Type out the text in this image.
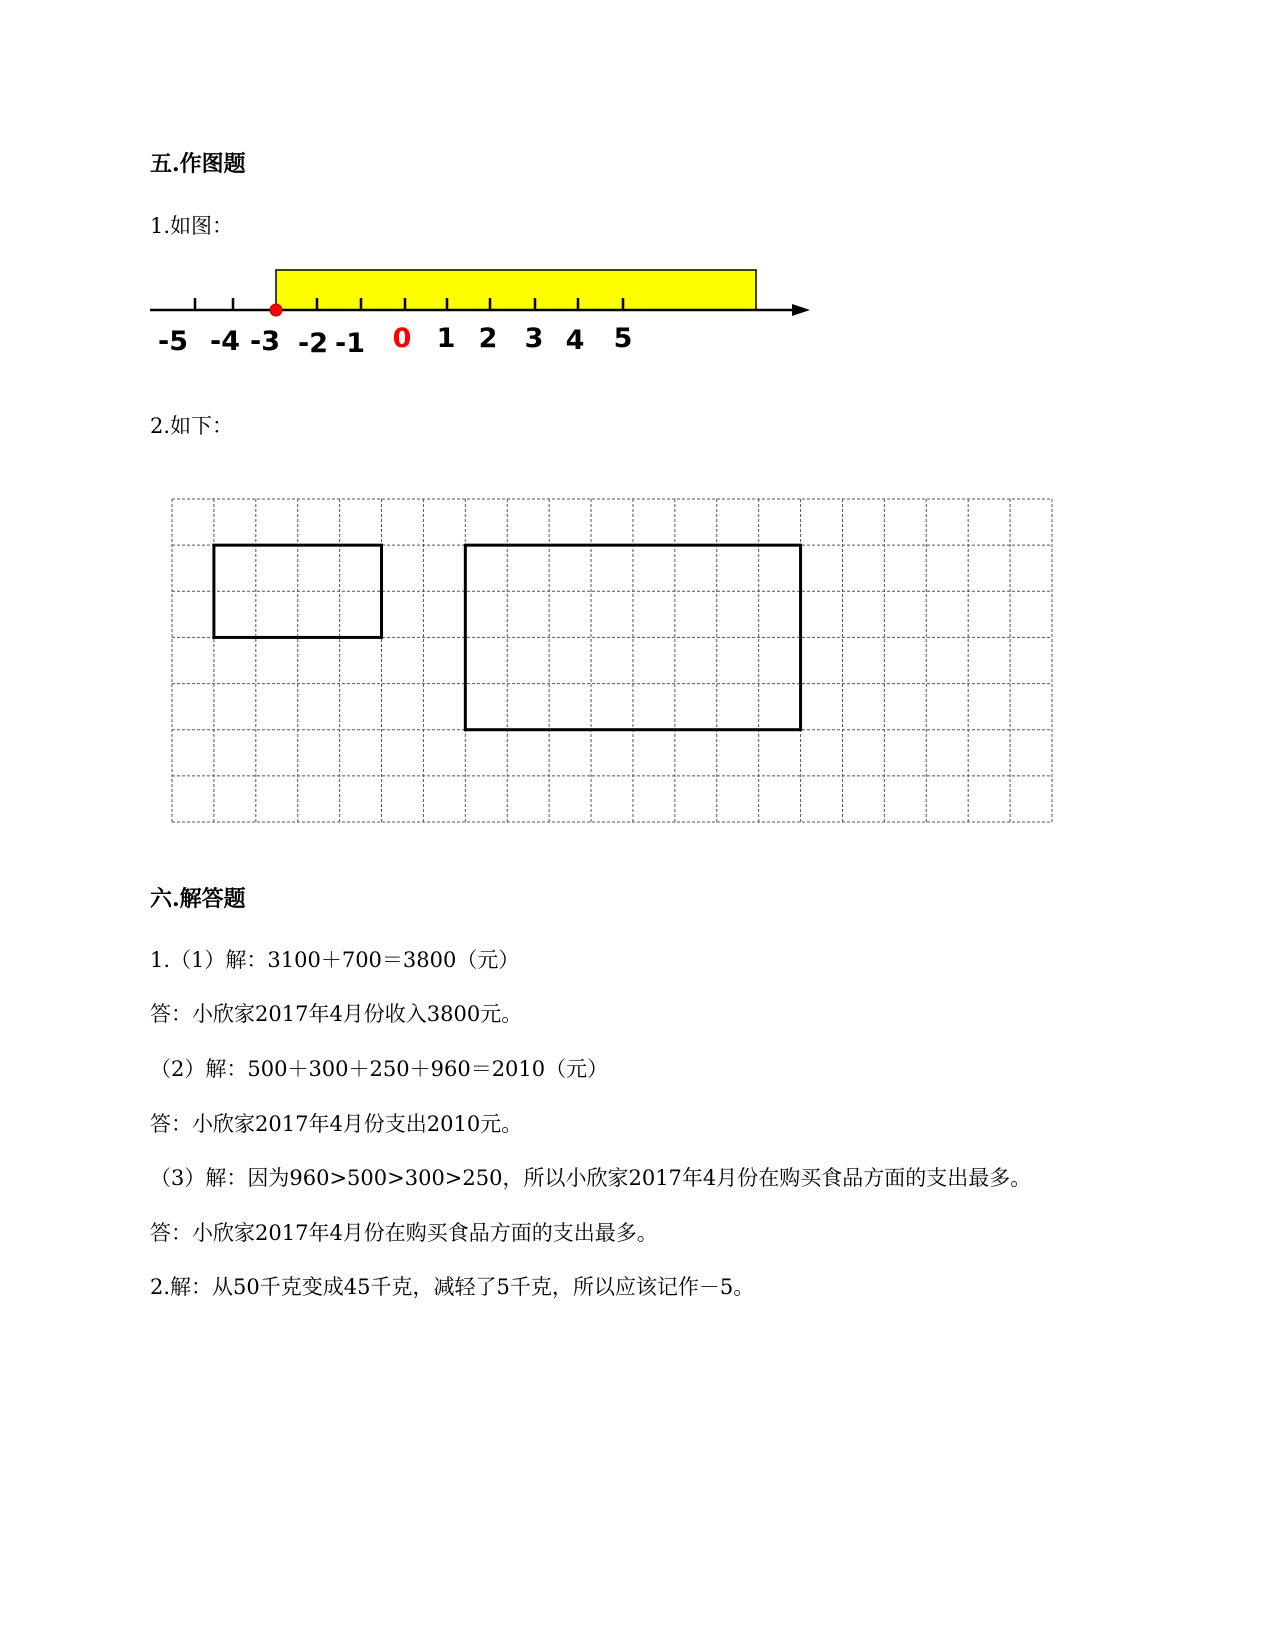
五.作图题
1.如图：
-5 -4 -3 -2 -1 0 1 2 3 4 5
2.如下：
六.解答题
1.（1）解：3100＋700＝3800（元）
答：小欣家2017年4月份收入3800元。
（2）解：500＋300＋250＋960＝2010（元）
答：小欣家2017年4月份支出2010元。
（3）解：因为960>500>300>250，所以小欣家2017年4月份在购买食品方面的支出最多。
答：小欣家2017年4月份在购买食品方面的支出最多。
2.解：从50千克变成45千克，减轻了5千克，所以应该记作－5。
